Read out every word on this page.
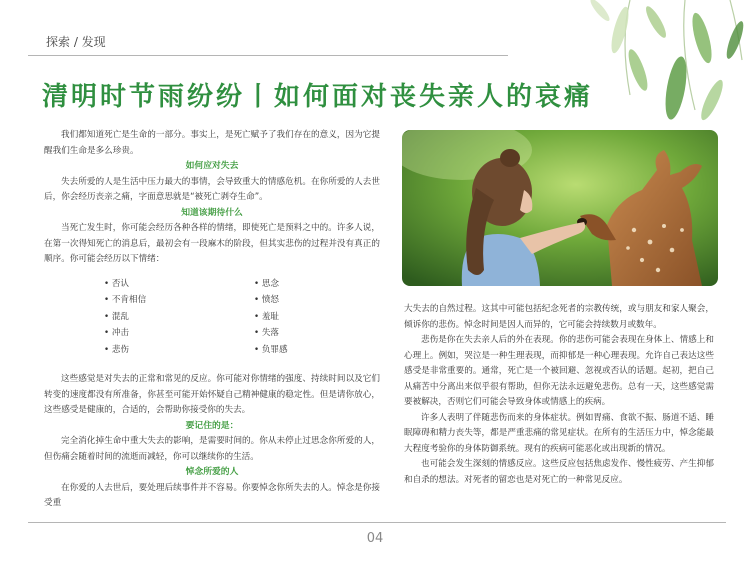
探索 / 发现
清明时节雨纷纷丨如何面对丧失亲人的哀痛

我们都知道死亡是生命的一部分。事实上，是死亡赋予了我们存在的意义，因为它提醒我们生命是多么珍贵。

如何应对失去

失去所爱的人是生活中压力最大的事情，会导致重大的情感危机。在你所爱的人去世后，你会经历丧亲之痛，字面意思就是“被死亡剥夺生命”。

知道该期待什么

当死亡发生时，你可能会经历各种各样的情绪，即使死亡是预料之中的。许多人说，在第一次得知死亡的消息后，最初会有一段麻木的阶段，但其实悲伤的过程并没有真正的顺序。你可能会经历以下情绪：

• 否认	• 思念
• 不肯相信	• 愤怒
• 混乱	• 羞耻
• 冲击	• 失落
• 悲伤	• 负罪感

这些感觉是对失去的正常和常见的反应。你可能对你情绪的强度、持续时间以及它们转变的速度都没有所准备，你甚至可能开始怀疑自己精神健康的稳定性。但是请你放心，这些感受是健康的，合适的，会帮助你接受你的失去。

要记住的是：

完全消化掉生命中重大失去的影响，是需要时间的。你从未停止过思念你所爱的人，但伤痛会随着时间的流逝而减轻，你可以继续你的生活。

悼念所爱的人

在你爱的人去世后，要处理后续事件并不容易。你要悼念你所失去的人。悼念是你接受重

大失去的自然过程。这其中可能包括纪念死者的宗教传统，或与朋友和家人聚会，倾诉你的悲伤。悼念时间是因人而异的，它可能会持续数月或数年。

悲伤是你在失去亲人后的外在表现。你的悲伤可能会表现在身体上、情感上和心理上。例如，哭泣是一种生理表现，而抑郁是一种心理表现。允许自己表达这些感受是非常重要的。通常，死亡是一个被回避、忽视或否认的话题。起初，把自己从痛苦中分离出来似乎很有帮助，但你无法永远避免悲伤。总有一天，这些感觉需要被解决，否则它们可能会导致身体或情感上的疾病。

许多人表明了伴随悲伤而来的身体症状。例如胃痛、食欲不振、肠道不适、睡眠障碍和精力丧失等，都是严重悲痛的常见症状。在所有的生活压力中，悼念能最大程度考验你的身体防御系统。现有的疾病可能恶化或出现新的情况。

也可能会发生深刻的情感反应。这些反应包括焦虑发作、慢性疲劳、产生抑郁和自杀的想法。对死者的留恋也是对死亡的一种常见反应。

04
